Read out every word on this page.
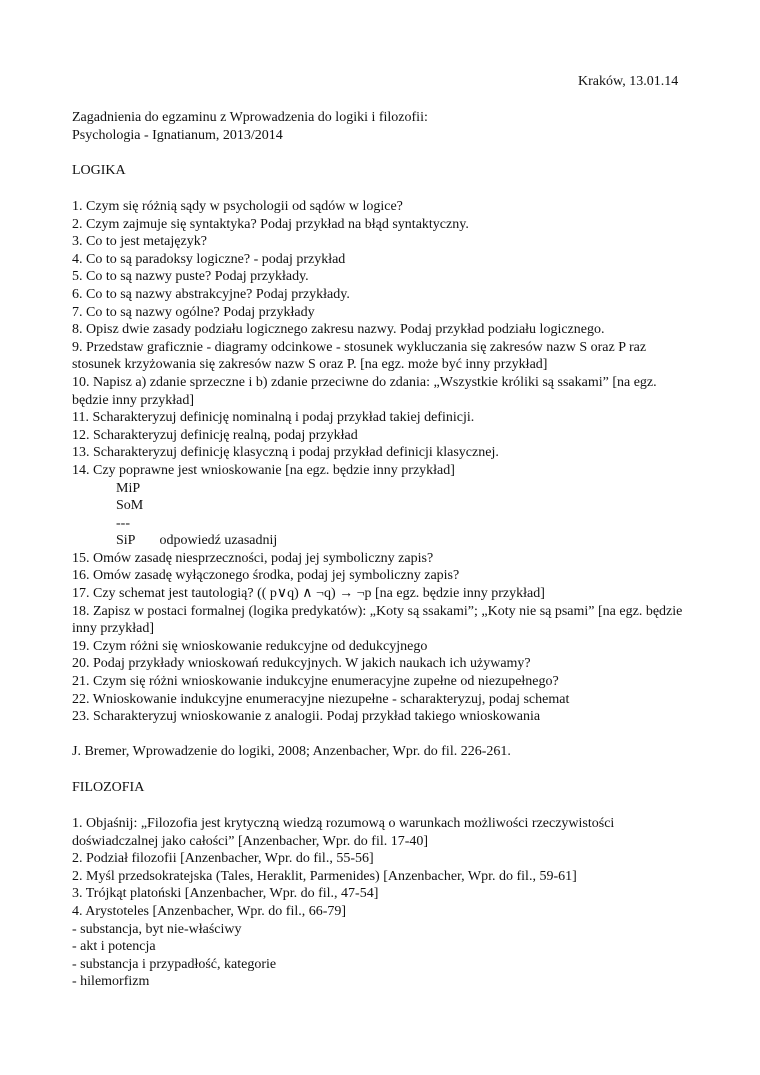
Kraków, 13.01.14
Zagadnienia do egzaminu z Wprowadzenia do logiki i filozofii:
Psychologia - Ignatianum, 2013/2014
LOGIKA
1. Czym się różnią sądy w psychologii od sądów w logice?
2. Czym zajmuje się syntaktyka? Podaj przykład na błąd syntaktyczny.
3. Co to jest metajęzyk?
4. Co to są paradoksy logiczne? - podaj przykład
5. Co to są nazwy puste? Podaj przykłady.
6. Co to są nazwy abstrakcyjne? Podaj przykłady.
7. Co to są nazwy ogólne? Podaj przykłady
8. Opisz dwie zasady podziału logicznego zakresu nazwy. Podaj przykład podziału logicznego.
9. Przedstaw graficznie - diagramy odcinkowe - stosunek wykluczania się zakresów nazw S oraz P raz stosunek krzyżowania się zakresów nazw S oraz P. [na egz. może być inny przykład]
10. Napisz a) zdanie sprzeczne i b) zdanie przeciwne do zdania: „Wszystkie króliki są ssakami” [na egz. będzie inny przykład]
11. Scharakteryzuj definicję nominalną i podaj przykład takiej definicji.
12. Scharakteryzuj definicję realną, podaj przykład
13. Scharakteryzuj definicję klasyczną i podaj przykład definicji klasycznej.
14. Czy poprawne jest wnioskowanie [na egz. będzie inny przykład]
MiP
SoM
---
SiP odpowiedź uzasadnij
15. Omów zasadę niesprzeczności, podaj jej symboliczny zapis?
16. Omów zasadę wyłączonego środka, podaj jej symboliczny zapis?
17. Czy schemat jest tautologią? (( p∨q) ∧ ¬q) → ¬p [na egz. będzie inny przykład]
18. Zapisz w postaci formalnej (logika predykatów): „Koty są ssakami”; „Koty nie są psami” [na egz. będzie inny przykład]
19. Czym różni się wnioskowanie redukcyjne od dedukcyjnego
20. Podaj przykłady wnioskowań redukcyjnych. W jakich naukach ich używamy?
21. Czym się różni wnioskowanie indukcyjne enumeracyjne zupełne od niezupełnego?
22. Wnioskowanie indukcyjne enumeracyjne niezupełne - scharakteryzuj, podaj schemat
23. Scharakteryzuj wnioskowanie z analogii. Podaj przykład takiego wnioskowania
J. Bremer, Wprowadzenie do logiki, 2008; Anzenbacher, Wpr. do fil. 226-261.
FILOZOFIA
1. Objaśnij: „Filozofia jest krytyczną wiedzą rozumową o warunkach możliwości rzeczywistości doświadczalnej jako całości” [Anzenbacher, Wpr. do fil. 17-40]
2. Podział filozofii [Anzenbacher, Wpr. do fil., 55-56]
2. Myśl przedsokratejska (Tales, Heraklit, Parmenides) [Anzenbacher, Wpr. do fil., 59-61]
3. Trójkąt platoński [Anzenbacher, Wpr. do fil., 47-54]
4. Arystoteles [Anzenbacher, Wpr. do fil., 66-79]
- substancja, byt nie-właściwy
- akt i potencja
- substancja i przypadłość, kategorie
- hilemorfizm
